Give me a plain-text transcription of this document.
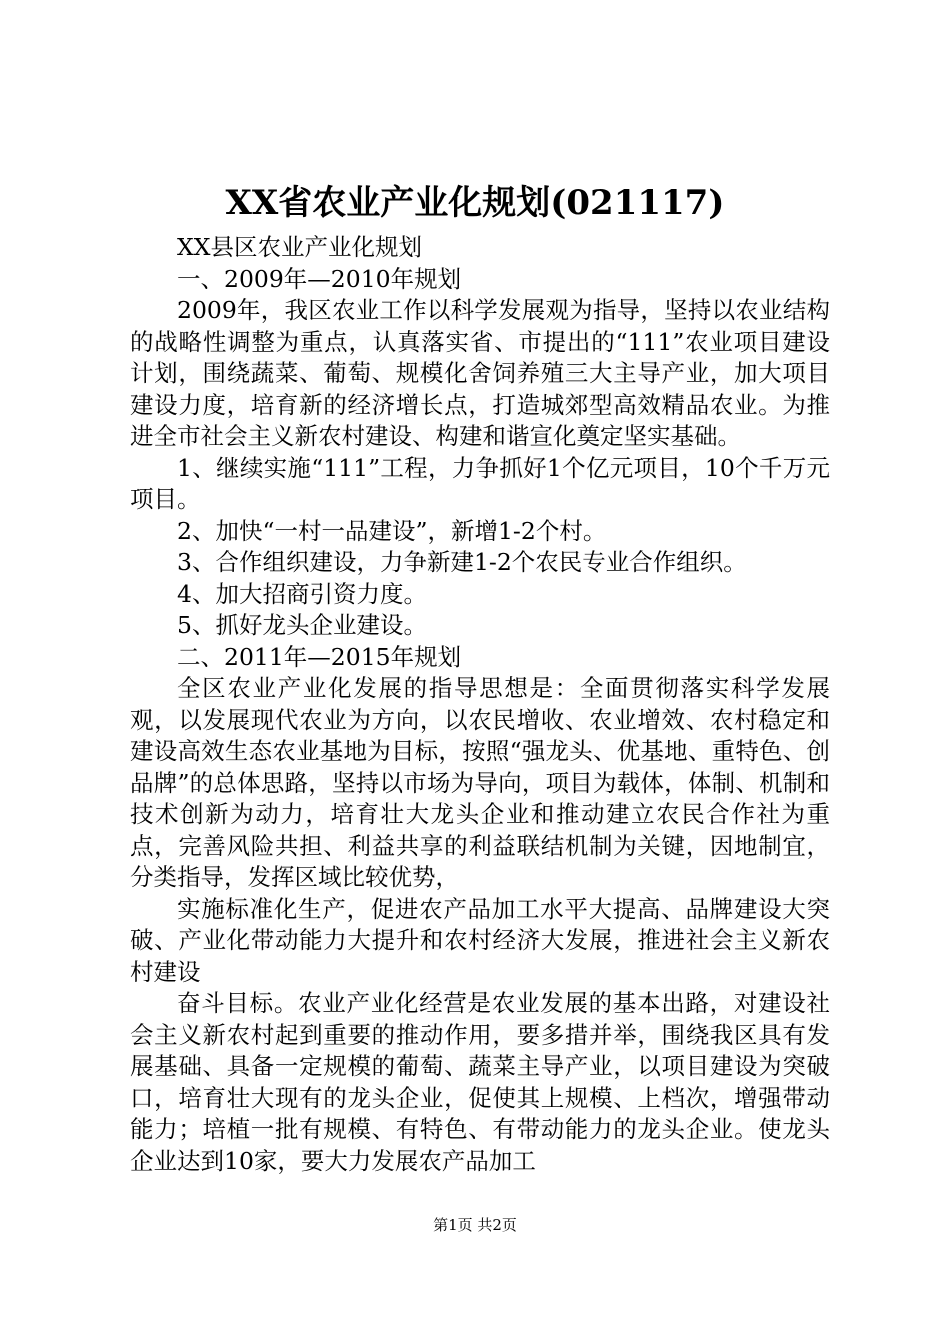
XX省农业产业化规划(021117)

XX县区农业产业化规划

一、2009年—2010年规划

2009年，我区农业工作以科学发展观为指导，坚持以农业结构的战略性调整为重点，认真落实省、市提出的“111”农业项目建设计划，围绕蔬菜、葡萄、规模化舍饲养殖三大主导产业，加大项目建设力度，培育新的经济增长点，打造城郊型高效精品农业。为推进全市社会主义新农村建设、构建和谐宣化奠定坚实基础。

1、继续实施“111”工程，力争抓好1个亿元项目，10个千万元项目。

2、加快“一村一品建设”，新增1-2个村。

3、合作组织建设，力争新建1-2个农民专业合作组织。

4、加大招商引资力度。

5、抓好龙头企业建设。

二、2011年—2015年规划

全区农业产业化发展的指导思想是：全面贯彻落实科学发展观，以发展现代农业为方向，以农民增收、农业增效、农村稳定和建设高效生态农业基地为目标，按照“强龙头、优基地、重特色、创品牌”的总体思路，坚持以市场为导向，项目为载体，体制、机制和技术创新为动力，培育壮大龙头企业和推动建立农民合作社为重点，完善风险共担、利益共享的利益联结机制为关键，因地制宜，分类指导，发挥区域比较优势，

实施标准化生产，促进农产品加工水平大提高、品牌建设大突破、产业化带动能力大提升和农村经济大发展，推进社会主义新农村建设

奋斗目标。农业产业化经营是农业发展的基本出路，对建设社会主义新农村起到重要的推动作用，要多措并举，围绕我区具有发展基础、具备一定规模的葡萄、蔬菜主导产业，以项目建设为突破口，培育壮大现有的龙头企业，促使其上规模、上档次，增强带动能力；培植一批有规模、有特色、有带动能力的龙头企业。使龙头企业达到10家，要大力发展农产品加工

第1页 共2页
